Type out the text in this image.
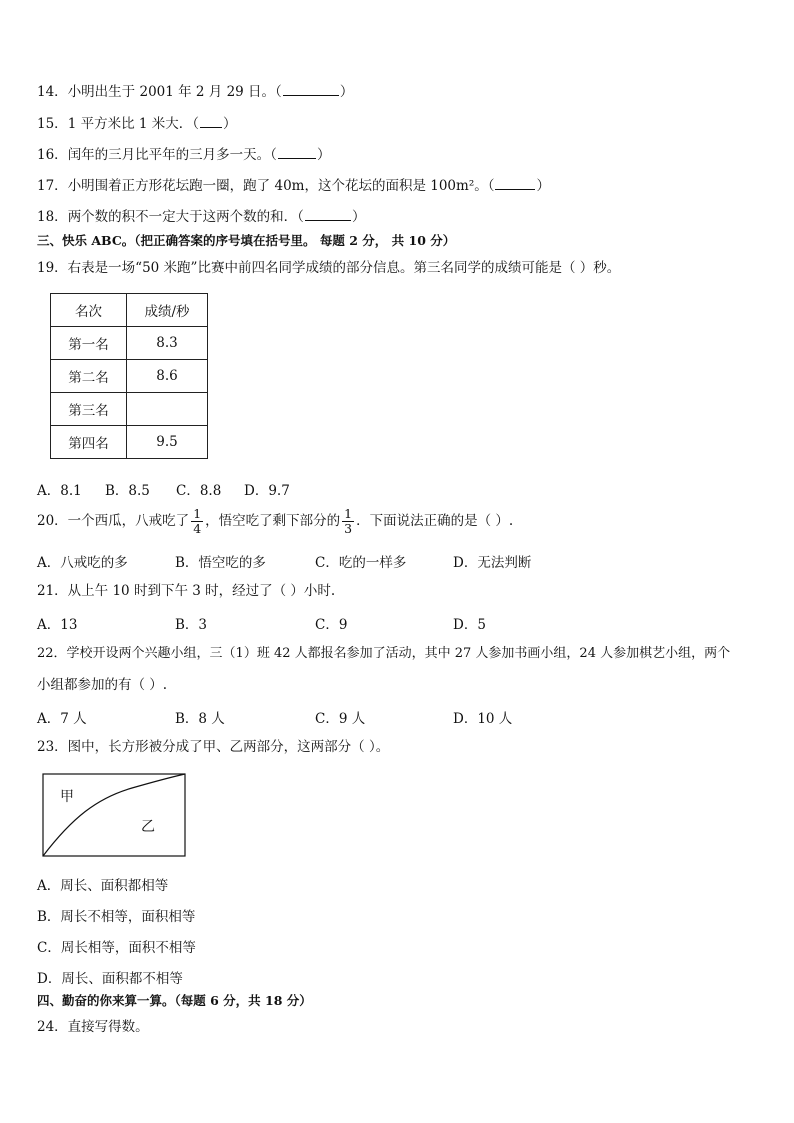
14．小明出生于 2001 年 2 月 29 日。（	）
15．1 平方米比 1 米大．（ ）
16．闰年的三月比平年的三月多一天。（	）
17．小明围着正方形花坛跑一圈，跑了 40m，这个花坛的面积是 100m²。（	）
18．两个数的积不一定大于这两个数的和．（	）
三、快乐 ABC。（把正确答案的序号填在括号里。 每题 2 分， 共 10 分）
19．右表是一场“50 米跑”比赛中前四名同学成绩的部分信息。第三名同学的成绩可能是（ ）秒。
名次	成绩/秒
第一名	8.3
第二名	8.6
第三名	
第四名	9.5
A．8.1 B．8.5 C．8.8 D．9.7
20．一个西瓜，八戒吃了 $\frac{1}{4}$ ，悟空吃了剩下部分的 $\frac{1}{3}$ ．下面说法正确的是（ ）.
A．八戒吃的多	B．悟空吃的多	C．吃的一样多	D．无法判断
21．从上午 10 时到下午 3 时，经过了（ ）小时.
A．13	B．3	C．9	D．5
22．学校开设两个兴趣小组，三（1）班 42 人都报名参加了活动，其中 27 人参加书画小组，24 人参加棋艺小组，两个
小组都参加的有（ ）.
A．7 人	B．8 人	C．9 人	D．10 人
23．图中，长方形被分成了甲、乙两部分，这两部分（ ）。
甲
乙
A．周长、面积都相等
B．周长不相等，面积相等
C．周长相等，面积不相等
D．周长、面积都不相等
四、勤奋的你来算一算。（每题 6 分，共 18 分）
24．直接写得数。
